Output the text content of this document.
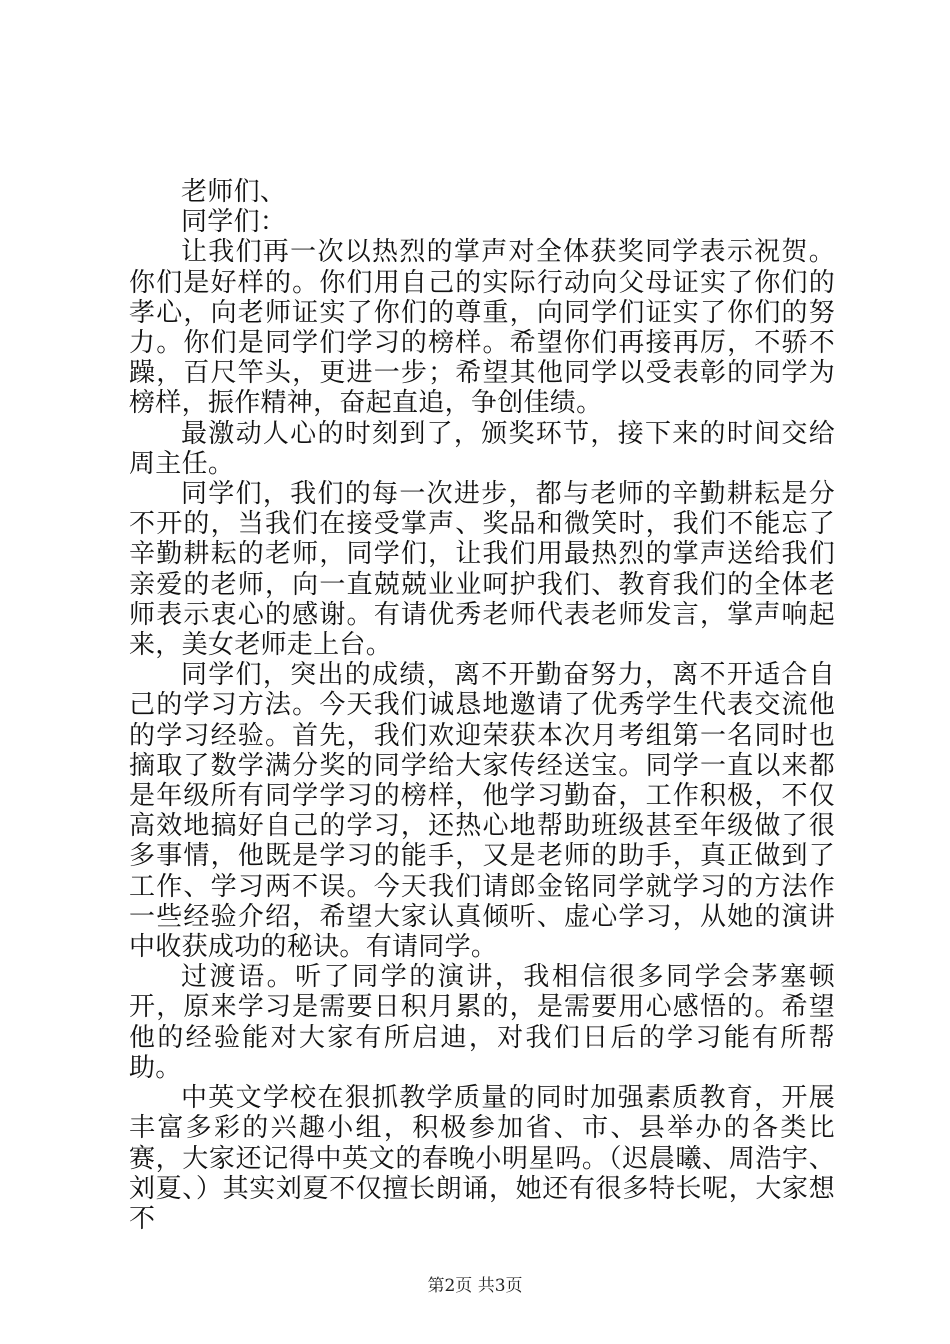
老师们、

同学们：

让我们再一次以热烈的掌声对全体获奖同学表示祝贺。你们是好样的。你们用自己的实际行动向父母证实了你们的孝心，向老师证实了你们的尊重，向同学们证实了你们的努力。你们是同学们学习的榜样。希望你们再接再厉，不骄不躁，百尺竿头，更进一步；希望其他同学以受表彰的同学为榜样，振作精神，奋起直追，争创佳绩。

最激动人心的时刻到了，颁奖环节，接下来的时间交给周主任。

同学们，我们的每一次进步，都与老师的辛勤耕耘是分不开的，当我们在接受掌声、奖品和微笑时，我们不能忘了辛勤耕耘的老师，同学们，让我们用最热烈的掌声送给我们亲爱的老师，向一直兢兢业业呵护我们、教育我们的全体老师表示衷心的感谢。有请优秀老师代表老师发言，掌声响起来，美女老师走上台。

同学们，突出的成绩，离不开勤奋努力，离不开适合自己的学习方法。今天我们诚恳地邀请了优秀学生代表交流他的学习经验。首先，我们欢迎荣获本次月考组第一名同时也摘取了数学满分奖的同学给大家传经送宝。同学一直以来都是年级所有同学学习的榜样，他学习勤奋，工作积极，不仅高效地搞好自己的学习，还热心地帮助班级甚至年级做了很多事情，他既是学习的能手，又是老师的助手，真正做到了工作、学习两不误。今天我们请郎金铭同学就学习的方法作一些经验介绍，希望大家认真倾听、虚心学习，从她的演讲中收获成功的秘诀。有请同学。

过渡语。听了同学的演讲，我相信很多同学会茅塞顿开，原来学习是需要日积月累的，是需要用心感悟的。希望他的经验能对大家有所启迪，对我们日后的学习能有所帮助。

中英文学校在狠抓教学质量的同时加强素质教育，开展丰富多彩的兴趣小组，积极参加省、市、县举办的各类比赛，大家还记得中英文的春晚小明星吗。（迟晨曦、周浩宇、刘夏、）其实刘夏不仅擅长朗诵，她还有很多特长呢，大家想不

第2页 共3页
